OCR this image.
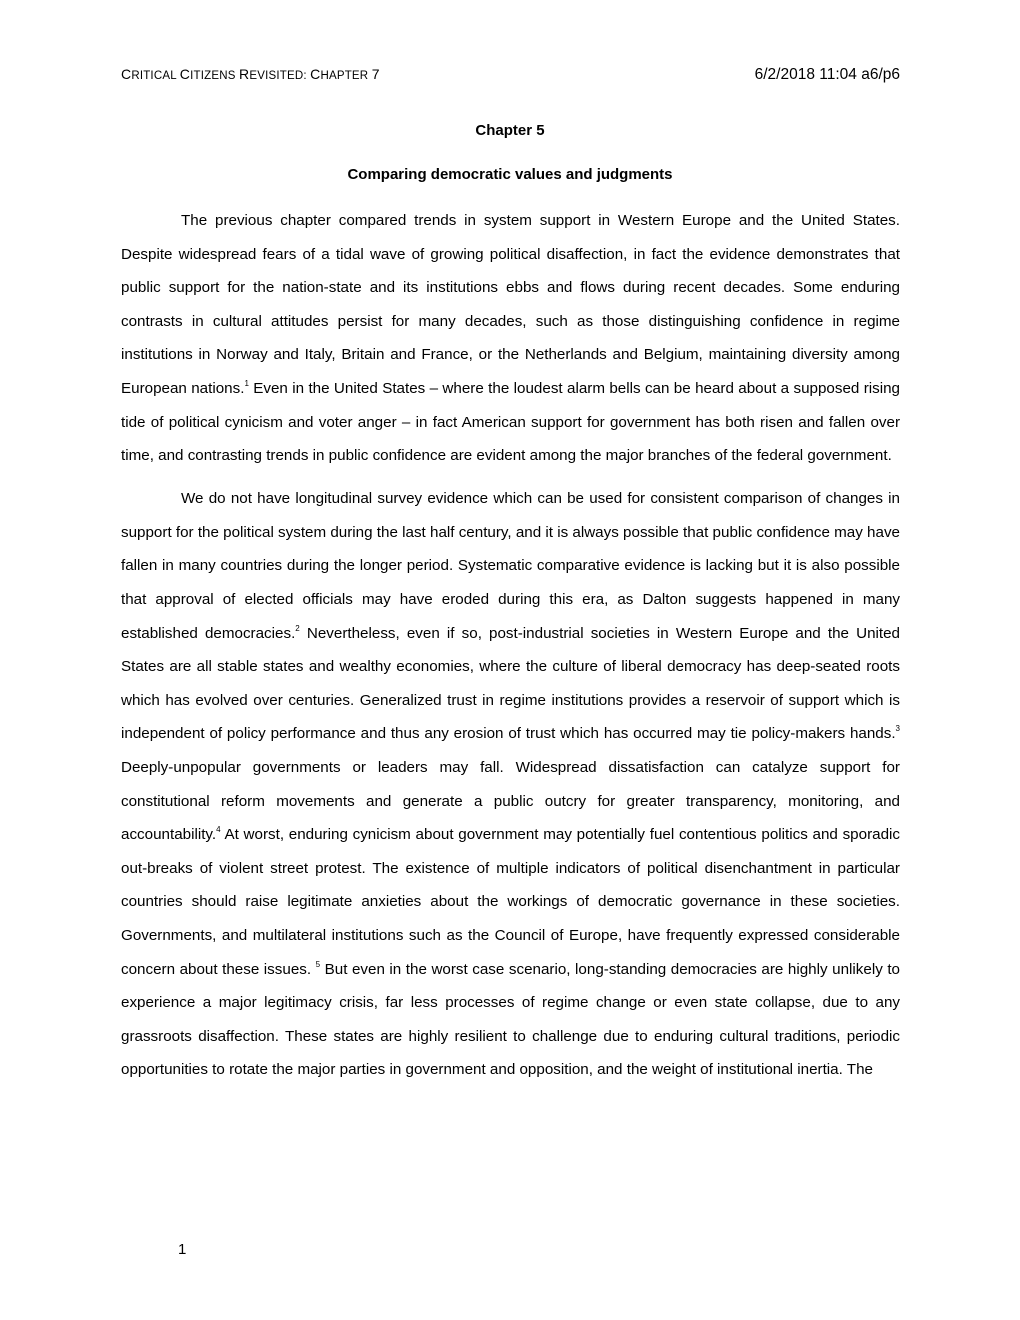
CRITICAL CITIZENS REVISITED: CHAPTER 7	6/2/2018 11:04 a6/p6
Chapter 5
Comparing democratic values and judgments

The previous chapter compared trends in system support in Western Europe and the United States. Despite widespread fears of a tidal wave of growing political disaffection, in fact the evidence demonstrates that public support for the nation-state and its institutions ebbs and flows during recent decades. Some enduring contrasts in cultural attitudes persist for many decades, such as those distinguishing confidence in regime institutions in Norway and Italy, Britain and France, or the Netherlands and Belgium, maintaining diversity among European nations.$^1$ Even in the United States – where the loudest alarm bells can be heard about a supposed rising tide of political cynicism and voter anger – in fact American support for government has both risen and fallen over time, and contrasting trends in public confidence are evident among the major branches of the federal government.

We do not have longitudinal survey evidence which can be used for consistent comparison of changes in support for the political system during the last half century, and it is always possible that public confidence may have fallen in many countries during the longer period. Systematic comparative evidence is lacking but it is also possible that approval of elected officials may have eroded during this era, as Dalton suggests happened in many established democracies.$^2$ Nevertheless, even if so, post-industrial societies in Western Europe and the United States are all stable states and wealthy economies, where the culture of liberal democracy has deep-seated roots which has evolved over centuries. Generalized trust in regime institutions provides a reservoir of support which is independent of policy performance and thus any erosion of trust which has occurred may tie policy-makers hands.$^3$ Deeply-unpopular governments or leaders may fall. Widespread dissatisfaction can catalyze support for constitutional reform movements and generate a public outcry for greater transparency, monitoring, and accountability.$^4$ At worst, enduring cynicism about government may potentially fuel contentious politics and sporadic out-breaks of violent street protest. The existence of multiple indicators of political disenchantment in particular countries should raise legitimate anxieties about the workings of democratic governance in these societies. Governments, and multilateral institutions such as the Council of Europe, have frequently expressed considerable concern about these issues. $^5$ But even in the worst case scenario, long-standing democracies are highly unlikely to experience a major legitimacy crisis, far less processes of regime change or even state collapse, due to any grassroots disaffection. These states are highly resilient to challenge due to enduring cultural traditions, periodic opportunities to rotate the major parties in government and opposition, and the weight of institutional inertia. The

1
